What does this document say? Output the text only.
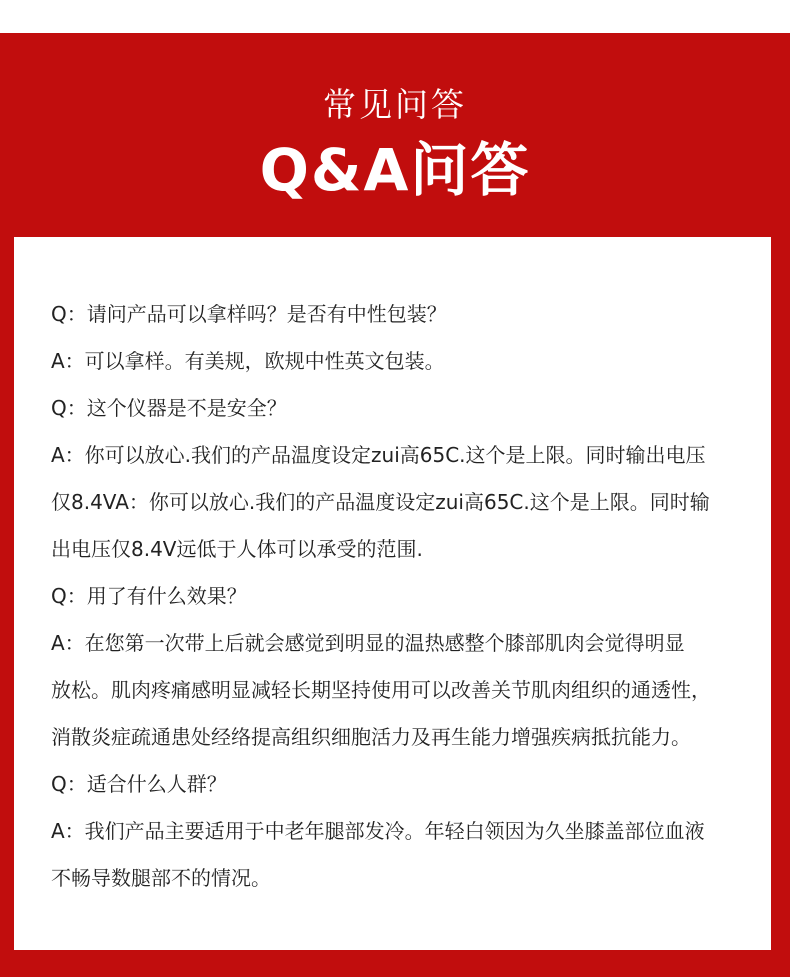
常见问答
Q&A问答
Q：请问产品可以拿样吗？是否有中性包装？
A：可以拿样。有美规，欧规中性英文包装。
Q：这个仪器是不是安全？
A：你可以放心.我们的产品温度设定zui高65C.这个是上限。同时输出电压
仅8.4VA：你可以放心.我们的产品温度设定zui高65C.这个是上限。同时输
出电压仅8.4V远低于人体可以承受的范围.
Q：用了有什么效果？
A：在您第一次带上后就会感觉到明显的温热感整个膝部肌肉会觉得明显
放松。肌肉疼痛感明显减轻长期坚持使用可以改善关节肌肉组织的通透性，
消散炎症疏通患处经络提高组织细胞活力及再生能力增强疾病抵抗能力。
Q：适合什么人群？
A：我们产品主要适用于中老年腿部发冷。年轻白领因为久坐膝盖部位血液
不畅导数腿部不的情况。
